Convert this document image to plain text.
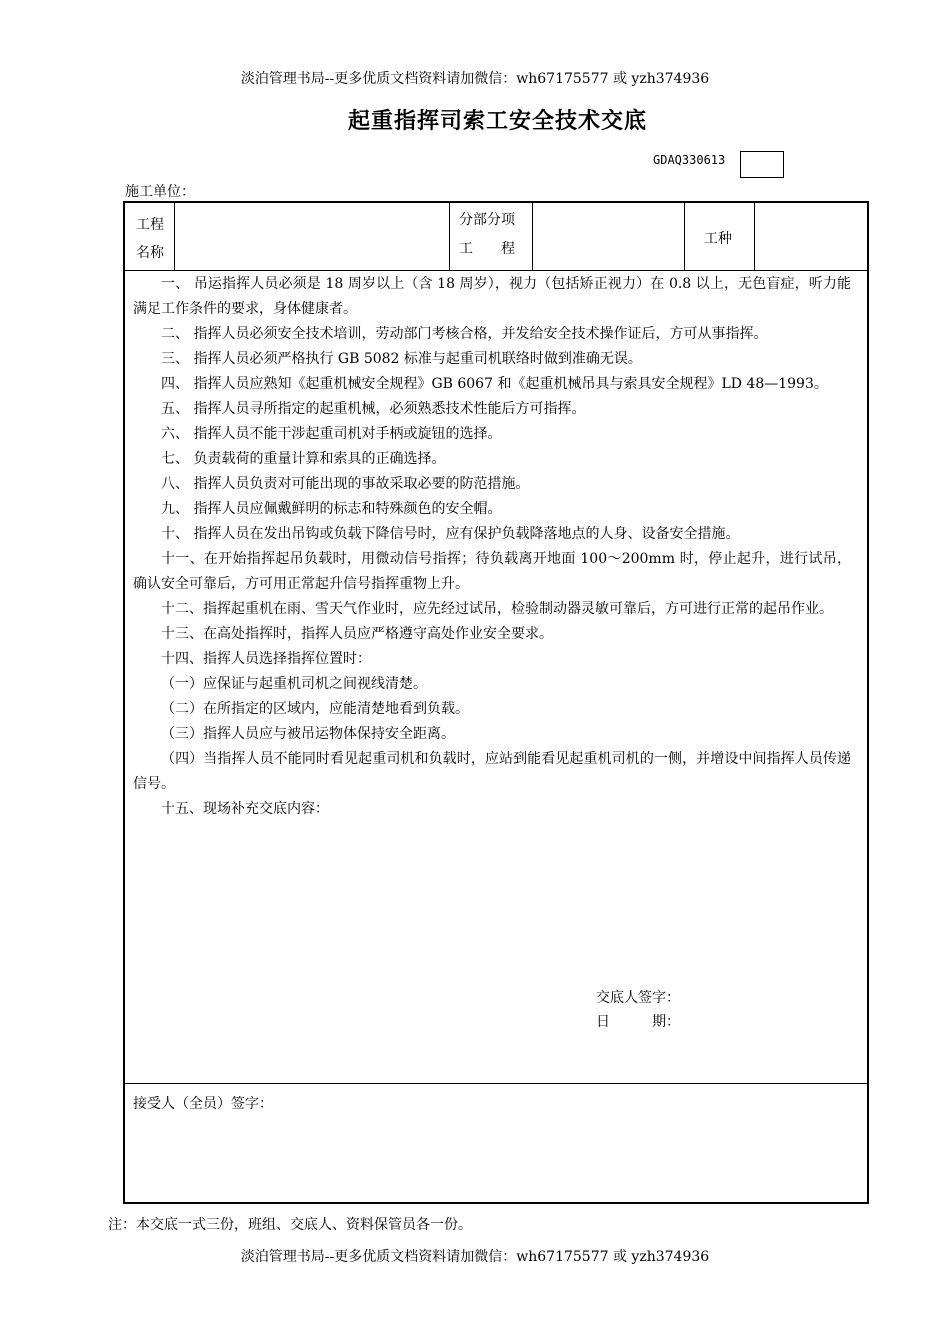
淡泊管理书局--更多优质文档资料请加微信：wh67175577 或 yzh374936
起重指挥司索工安全技术交底
GDAQ330613
施工单位：
工程
名称
分部分项
工　　程
工种

一、 吊运指挥人员必须是 18 周岁以上（含 18 周岁），视力（包括矫正视力）在 0.8 以上，无色盲症，听力能满足工作条件的要求，身体健康者。

二、 指挥人员必须安全技术培训，劳动部门考核合格，并发给安全技术操作证后，方可从事指挥。

三、 指挥人员必须严格执行 GB 5082 标准与起重司机联络时做到准确无误。

四、 指挥人员应熟知《起重机械安全规程》GB 6067 和《起重机械吊具与索具安全规程》LD 48—1993。

五、 指挥人员寻所指定的起重机械，必须熟悉技术性能后方可指挥。

六、 指挥人员不能干涉起重司机对手柄或旋钮的选择。

七、 负责载荷的重量计算和索具的正确选择。

八、 指挥人员负责对可能出现的事故采取必要的防范措施。

九、 指挥人员应佩戴鲜明的标志和特殊颜色的安全帽。

十、 指挥人员在发出吊钩或负载下降信号时，应有保护负载降落地点的人身、设备安全措施。

十一、在开始指挥起吊负载时，用微动信号指挥；待负载离开地面 100～200mm 时，停止起升，进行试吊，确认安全可靠后，方可用正常起升信号指挥重物上升。

十二、指挥起重机在雨、雪天气作业时，应先经过试吊，检验制动器灵敏可靠后，方可进行正常的起吊作业。

十三、在高处指挥时，指挥人员应严格遵守高处作业安全要求。

十四、指挥人员选择指挥位置时：

（一）应保证与起重机司机之间视线清楚。

（二）在所指定的区域内，应能清楚地看到负载。

（三）指挥人员应与被吊运物体保持安全距离。

（四）当指挥人员不能同时看见起重司机和负载时，应站到能看见起重机司机的一侧，并增设中间指挥人员传递信号。

十五、现场补充交底内容：

交底人签字：
日　　　期：
接受人（全员）签字：
注：本交底一式三份，班组、交底人、资料保管员各一份。
淡泊管理书局--更多优质文档资料请加微信：wh67175577 或 yzh374936
